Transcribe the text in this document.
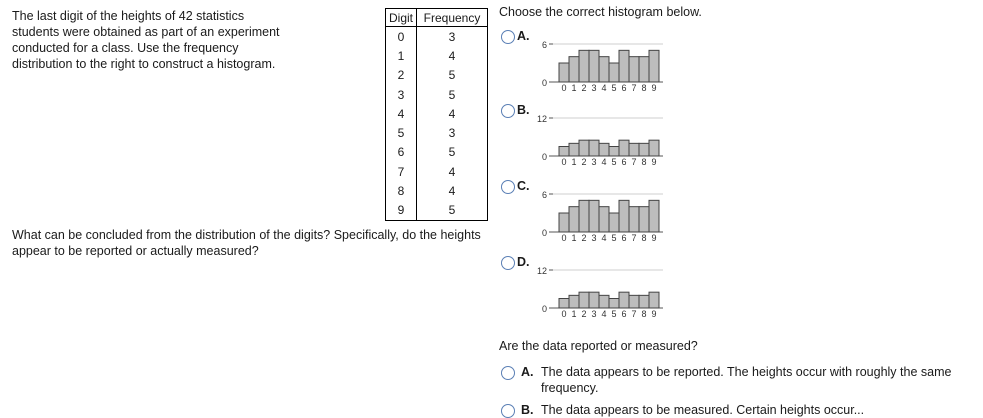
The last digit of the heights of 42 statistics students were obtained as part of an experiment conducted for a class. Use the frequency distribution to the right to construct a histogram.
Digit	Frequency
0	3
1	4
2	5
3	5
4	4
5	3
6	5
7	4
8	4
9	5
What can be concluded from the distribution of the digits? Specifically, do the heights appear to be reported or actually measured?
Choose the correct histogram below.
A.
6
0 0 1 2 3 4 5 6 7 8 9
B.
12
0 0 1 2 3 4 5 6 7 8 9
C.
6
0 0 1 2 3 4 5 6 7 8 9
D.
12
0 0 1 2 3 4 5 6 7 8 9
Are the data reported or measured?
A. The data appears to be reported. The heights occur with roughly the same frequency.
B. The data appears to be measured. Certain heights occur...
